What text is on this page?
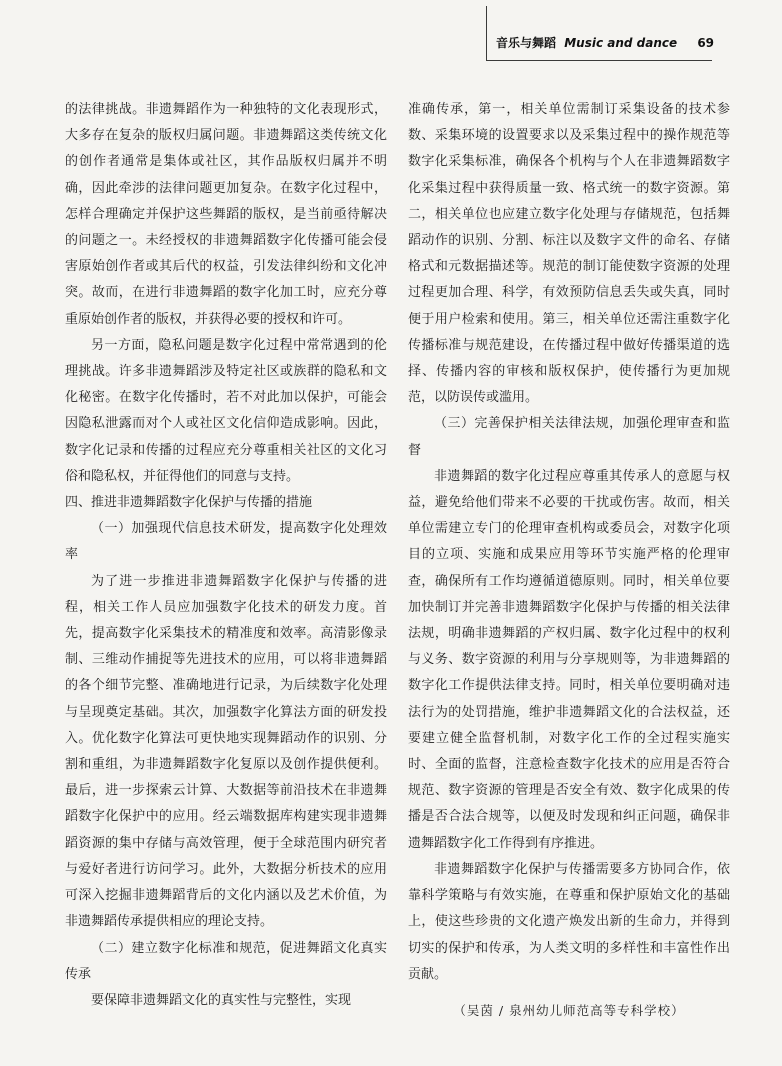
音乐与舞蹈 Music and dance 69

的法律挑战。非遗舞蹈作为一种独特的文化表现形式，大多存在复杂的版权归属问题。非遗舞蹈这类传统文化的创作者通常是集体或社区，其作品版权归属并不明确，因此牵涉的法律问题更加复杂。在数字化过程中，怎样合理确定并保护这些舞蹈的版权，是当前亟待解决的问题之一。未经授权的非遗舞蹈数字化传播可能会侵害原始创作者或其后代的权益，引发法律纠纷和文化冲突。故而，在进行非遗舞蹈的数字化加工时，应充分尊重原始创作者的版权，并获得必要的授权和许可。

另一方面，隐私问题是数字化过程中常常遇到的伦理挑战。许多非遗舞蹈涉及特定社区或族群的隐私和文化秘密。在数字化传播时，若不对此加以保护，可能会因隐私泄露而对个人或社区文化信仰造成影响。因此，数字化记录和传播的过程应充分尊重相关社区的文化习俗和隐私权，并征得他们的同意与支持。

四、推进非遗舞蹈数字化保护与传播的措施

（一）加强现代信息技术研发，提高数字化处理效率

为了进一步推进非遗舞蹈数字化保护与传播的进程，相关工作人员应加强数字化技术的研发力度。首先，提高数字化采集技术的精准度和效率。高清影像录制、三维动作捕捉等先进技术的应用，可以将非遗舞蹈的各个细节完整、准确地进行记录，为后续数字化处理与呈现奠定基础。其次，加强数字化算法方面的研发投入。优化数字化算法可更快地实现舞蹈动作的识别、分割和重组，为非遗舞蹈数字化复原以及创作提供便利。最后，进一步探索云计算、大数据等前沿技术在非遗舞蹈数字化保护中的应用。经云端数据库构建实现非遗舞蹈资源的集中存储与高效管理，便于全球范围内研究者与爱好者进行访问学习。此外，大数据分析技术的应用可深入挖掘非遗舞蹈背后的文化内涵以及艺术价值，为非遗舞蹈传承提供相应的理论支持。

（二）建立数字化标准和规范，促进舞蹈文化真实传承

要保障非遗舞蹈文化的真实性与完整性，实现

准确传承，第一，相关单位需制订采集设备的技术参数、采集环境的设置要求以及采集过程中的操作规范等数字化采集标准，确保各个机构与个人在非遗舞蹈数字化采集过程中获得质量一致、格式统一的数字资源。第二，相关单位也应建立数字化处理与存储规范，包括舞蹈动作的识别、分割、标注以及数字文件的命名、存储格式和元数据描述等。规范的制订能使数字资源的处理过程更加合理、科学，有效预防信息丢失或失真，同时便于用户检索和使用。第三，相关单位还需注重数字化传播标准与规范建设，在传播过程中做好传播渠道的选择、传播内容的审核和版权保护，使传播行为更加规范，以防误传或滥用。

（三）完善保护相关法律法规，加强伦理审查和监督

非遗舞蹈的数字化过程应尊重其传承人的意愿与权益，避免给他们带来不必要的干扰或伤害。故而，相关单位需建立专门的伦理审查机构或委员会，对数字化项目的立项、实施和成果应用等环节实施严格的伦理审查，确保所有工作均遵循道德原则。同时，相关单位要加快制订并完善非遗舞蹈数字化保护与传播的相关法律法规，明确非遗舞蹈的产权归属、数字化过程中的权利与义务、数字资源的利用与分享规则等，为非遗舞蹈的数字化工作提供法律支持。同时，相关单位要明确对违法行为的处罚措施，维护非遗舞蹈文化的合法权益，还要建立健全监督机制，对数字化工作的全过程实施实时、全面的监督，注意检查数字化技术的应用是否符合规范、数字资源的管理是否安全有效、数字化成果的传播是否合法合规等，以便及时发现和纠正问题，确保非遗舞蹈数字化工作得到有序推进。

非遗舞蹈数字化保护与传播需要多方协同合作，依靠科学策略与有效实施，在尊重和保护原始文化的基础上，使这些珍贵的文化遗产焕发出新的生命力，并得到切实的保护和传承，为人类文明的多样性和丰富性作出贡献。

（吴茵 / 泉州幼儿师范高等专科学校）
